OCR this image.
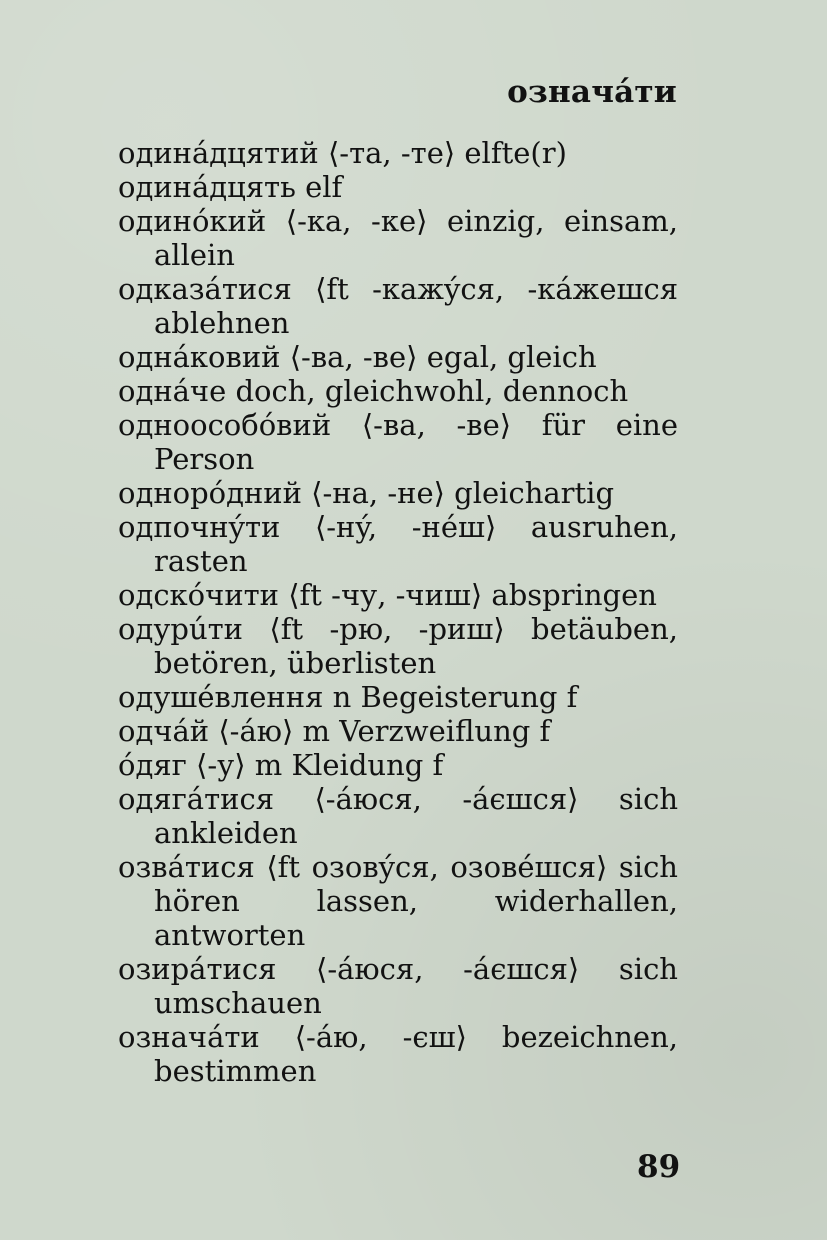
означáти

одинáдцятий ⟨-та, -те⟩ elfte(r)

одинáдцять elf

одинóкий ⟨-ка, -ке⟩ einzig, einsam, allein

одказáтися ⟨ft -кажýся, -кáжешся ablehnen

однáковий ⟨-ва, -ве⟩ egal, gleich

однáче doch, gleichwohl, dennoch

одноособóвий ⟨-ва, -ве⟩ für eine Person

однорóдний ⟨-на, -не⟩ gleichartig

одпочнýти ⟨-нý, -нéш⟩ ausruhen, rasten

одскóчити ⟨ft -чу, -чиш⟩ abspringen

одурúти ⟨ft -рю, -риш⟩ betäuben, betören, überlisten

одушéвлення n Begeisterung f

одчáй ⟨-áю⟩ m Verzweiflung f

óдяг ⟨-у⟩ m Kleidung f

одягáтися ⟨-áюся, -áєшся⟩ sich ankleiden

озвáтися ⟨ft озовýся, озовéшся⟩ sich hören lassen, widerhallen, antworten

озирáтися ⟨-áюся, -áєшся⟩ sich umschauen

означáти ⟨-áю, -єш⟩ bezeichnen, bestimmen

89
